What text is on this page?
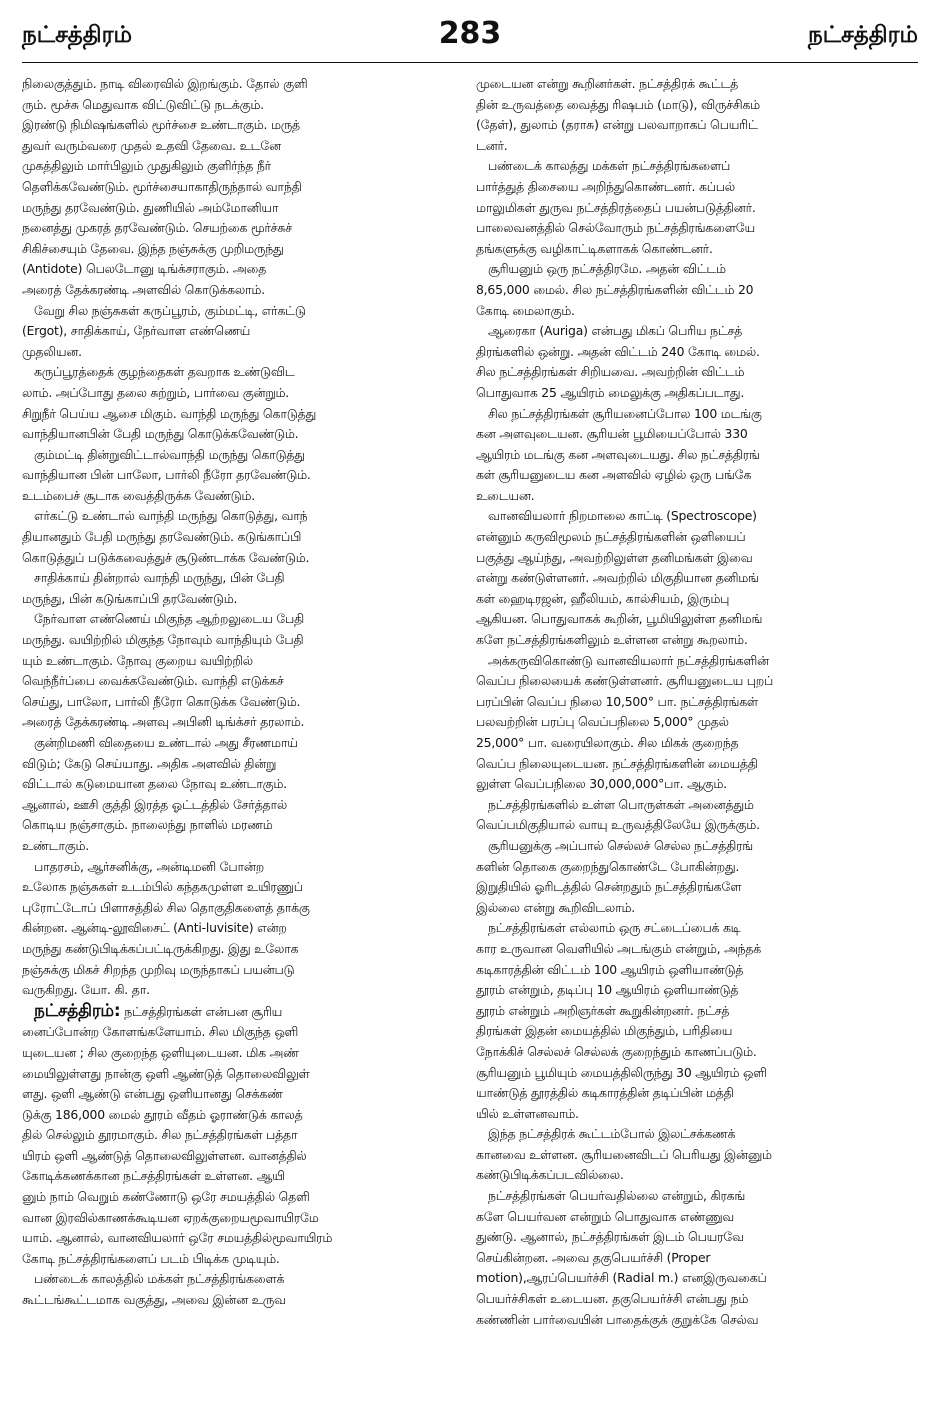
நட்சத்திரம்	283	நட்சத்திரம்
நிலைகுத்தும். நாடி விரைவில் இறங்கும். தோல் குளி
ரும். மூச்சு மெதுவாக விட்டுவிட்டு நடக்கும்.
இரண்டு நிமிஷங்களில் மூர்ச்சை உண்டாகும். மருத்
துவர் வரும்வரை முதல் உதவி தேவை. உடனே
முகத்திலும் மார்பிலும் முதுகிலும் குளிர்ந்த நீர்
தெளிக்கவேண்டும். மூர்ச்சையாகாதிருந்தால் வாந்தி
மருந்து தரவேண்டும். துணியில் அம்மோனியா
நனைத்து முகரத் தரவேண்டும். செயற்கை மூர்ச்சுச்
சிகிச்சையும் தேவை. இந்த நஞ்சுக்கு முறிமருந்து
(Antidote) பெலடோனு டிங்க்சராகும். அதை
அரைத் தேக்கரண்டி அளவில் கொடுக்கலாம்.
வேறு சில நஞ்சுகள் கருப்பூரம், கும்மட்டி, எர்கட்டு
(Ergot), சாதிக்காய், நேர்வாள எண்ணெய்
முதலியன.
கருப்பூரத்தைக் குழந்தைகள் தவறாக உண்டுவிட
லாம். அப்போது தலை சுற்றும், பார்வை குன்றும்.
சிறுநீர் பெய்ய ஆசை மிகும். வாந்தி மருந்து கொடுத்து
வாந்தியானபின் பேதி மருந்து கொடுக்கவேண்டும்.
கும்மட்டி தின்றுவிட்டால்வாந்தி மருந்து கொடுத்து
வாந்தியான பின் பாலோ, பார்லி நீரோ தரவேண்டும்.
உடம்பைச் சூடாக வைத்திருக்க வேண்டும்.
எர்கட்டு உண்டால் வாந்தி மருந்து கொடுத்து, வாந்
தியானதும் பேதி மருந்து தரவேண்டும். கடுங்காப்பி
கொடுத்துப் படுக்கவைத்துச் சூடுண்டாக்க வேண்டும்.
சாதிக்காய் தின்றால் வாந்தி மருந்து, பின் பேதி
மருந்து, பின் கடுங்காப்பி தரவேண்டும்.
நேர்வாள எண்ணெய் மிகுந்த ஆற்றலுடைய பேதி
மருந்து. வயிற்றில் மிகுந்த நோவும் வாந்தியும் பேதி
யும் உண்டாகும். நோவு குறைய வயிற்றில்
வெந்நீர்ப்பை வைக்கவேண்டும். வாந்தி எடுக்கச்
செய்து, பாலோ, பார்லி நீரோ கொடுக்க வேண்டும்.
அரைத் தேக்கரண்டி அளவு அபினி டிங்க்சர் தரலாம்.
குன்றிமணி விதையை உண்டால் அது சீரணமாய்
விடும்; கேடு செய்யாது. அதிக அளவில் தின்று
விட்டால் கடுமையான தலை நோவு உண்டாகும்.
ஆனால், ஊசி குத்தி இரத்த ஓட்டத்தில் சேர்த்தால்
கொடிய நஞ்சாகும். நாலைந்து நாளில் மரணம்
உண்டாகும்.
பாதரசம், ஆர்சனிக்கு, அன்டிமனி போன்ற
உலோக நஞ்சுகள் உடம்பில் கந்தகமுள்ள உயிரணுப்
புரோட்டோப் பிளாசத்தில் சில தொகுதிகளைத் தாக்கு
கின்றன. ஆன்டி-லூவிசைட் (Anti-luvisite) என்ற
மருந்து கண்டுபிடிக்கப்பட்டிருக்கிறது. இது உலோக
நஞ்சுக்கு மிகச் சிறந்த முறிவு மருந்தாகப் பயன்படு
வருகிறது. யோ. கி. தா.
நட்சத்திரம்: நட்சத்திரங்கள் என்பன சூரிய
னைப்போன்ற கோளங்களேயாம். சில மிகுந்த ஒளி
யுடையன ; சில குறைந்த ஒளியுடையன. மிக அண்
மையிலுள்ளது நான்கு ஒளி ஆண்டுத் தொலைவிலுள்
ளது. ஒளி ஆண்டு என்பது ஒளியானது செக்கண்
டுக்கு 186,000 மைல் தூரம் வீதம் ஓராண்டுக் காலத்
தில் செல்லும் தூரமாகும். சில நட்சத்திரங்கள் பத்தா
யிரம் ஒளி ஆண்டுத் தொலைவிலுள்ளன. வானத்தில்
கோடிக்கணக்கான நட்சத்திரங்கள் உள்ளன. ஆயி
னும் நாம் வெறும் கண்ணோடு ஒரே சமயத்தில் தெளி
வான இரவில்காணக்கூடியன ஏறக்குறையமூவாயிரமே
யாம். ஆனால், வானவியலார் ஒரே சமயத்தில்மூவாயிரம்
கோடி நட்சத்திரங்களைப் படம் பிடிக்க முடியும்.
பண்டைக் காலத்தில் மக்கள் நட்சத்திரங்களைக்
கூட்டங்கூட்டமாக வகுத்து, அவை இன்ன உருவ
முடையன என்று கூறினர்கள். நட்சத்திரக் கூட்டத்
தின் உருவத்தை வைத்து ரிஷபம் (மாடு), விருச்சிகம்
(தேள்), துலாம் (தராசு) என்று பலவாறாகப் பெயரிட்
டனர்.
பண்டைக் காலத்து மக்கள் நட்சத்திரங்களைப்
பார்த்துத் திசையை அறிந்துகொண்டனர். கப்பல்
மாலுமிகள் துருவ நட்சத்திரத்தைப் பயன்படுத்தினர்.
பாலைவனத்தில் செல்வோரும் நட்சத்திரங்களையே
தங்களுக்கு வழிகாட்டிகளாகக் கொண்டனர்.
சூரியனும் ஒரு நட்சத்திரமே. அதன் விட்டம்
8,65,000 மைல். சில நட்சத்திரங்களின் விட்டம் 20
கோடி மைலாகும்.
ஆரைகா (Auriga) என்பது மிகப் பெரிய நட்சத்
திரங்களில் ஒன்று. அதன் விட்டம் 240 கோடி மைல்.
சில நட்சத்திரங்கள் சிறியவை. அவற்றின் விட்டம்
பொதுவாக 25 ஆயிரம் மைலுக்கு அதிகப்படாது.
சில நட்சத்திரங்கள் சூரியனைப்போல 100 மடங்கு
கன அளவுடையன. சூரியன் பூமியைப்போல் 330
ஆயிரம் மடங்கு கன அளவுடையது. சில நட்சத்திரங்
கள் சூரியனுடைய கன அளவில் ஏழில் ஒரு பங்கே
உடையன.
வானவியலார் நிறமாலை காட்டி (Spectroscope)
என்னும் கருவிமூலம் நட்சத்திரங்களின் ஒளியைப்
பகுத்து ஆய்ந்து, அவற்றிலுள்ள தனிமங்கள் இவை
என்று கண்டுள்ளனர். அவற்றில் மிகுதியான தனிமங்
கள் ஹைடிரஜன், ஹீலியம், கால்சியம், இரும்பு
ஆகியன. பொதுவாகக் கூறின், பூமியிலுள்ள தனிமங்
களே நட்சத்திரங்களிலும் உள்ளன என்று கூறலாம்.
அக்கருவிகொண்டு வானவியலார் நட்சத்திரங்களின்
வெப்ப நிலையைக் கண்டுள்ளனர். சூரியனுடைய புறப்
பரப்பின் வெப்ப நிலை 10,500° பா. நட்சத்திரங்கள்
பலவற்றின் பரப்பு வெப்பநிலை 5,000° முதல்
25,000° பா. வரையிலாகும். சில மிகக் குறைந்த
வெப்ப நிலையுடையன. நட்சத்திரங்களின் மையத்தி
லுள்ள வெப்பநிலை 30,000,000°பா. ஆகும்.
நட்சத்திரங்களில் உள்ள பொருள்கள் அனைத்தும்
வெப்பமிகுதியால் வாயு உருவத்திலேயே இருக்கும்.
சூரியனுக்கு அப்பால் செல்லச் செல்ல நட்சத்திரங்
களின் தொகை குறைந்துகொண்டே போகின்றது.
இறுதியில் ஓரிடத்தில் சென்றதும் நட்சத்திரங்களே
இல்லை என்று கூறிவிடலாம்.
நட்சத்திரங்கள் எல்லாம் ஒரு சட்டைப்பைக் கடி
கார உருவான வெளியில் அடங்கும் என்றும், அந்தக்
கடிகாரத்தின் விட்டம் 100 ஆயிரம் ஒளியாண்டுத்
தூரம் என்றும், தடிப்பு 10 ஆயிரம் ஒளியாண்டுத்
தூரம் என்றும் அறிஞர்கள் கூறுகின்றனர். நட்சத்
திரங்கள் இதன் மையத்தில் மிகுந்தும், பரிதியை
நோக்கிச் செல்லச் செல்லக் குறைந்தும் காணப்படும்.
சூரியனும் பூமியும் மையத்திலிருந்து 30 ஆயிரம் ஒளி
யாண்டுத் தூரத்தில் கடிகாரத்தின் தடிப்பின் மத்தி
யில் உள்ளனவாம்.
இந்த நட்சத்திரக் கூட்டம்போல் இலட்சக்கணக்
கானவை உள்ளன. சூரியனைவிடப் பெரியது இன்னும்
கண்டுபிடிக்கப்படவில்லை.
நட்சத்திரங்கள் பெயர்வதில்லை என்றும், கிரகங்
களே பெயர்வன என்றும் பொதுவாக எண்ணுவ
துண்டு. ஆனால், நட்சத்திரங்கள் இடம் பெயரவே
செய்கின்றன. அவை தகுபெயர்ச்சி (Proper
motion),ஆரப்பெயர்ச்சி (Radial m.) எனஇருவகைப்
பெயர்ச்சிகள் உடையன. தகுபெயர்ச்சி என்பது நம்
கண்ணின் பார்வையின் பாதைக்குக் குறுக்கே செல்வ
